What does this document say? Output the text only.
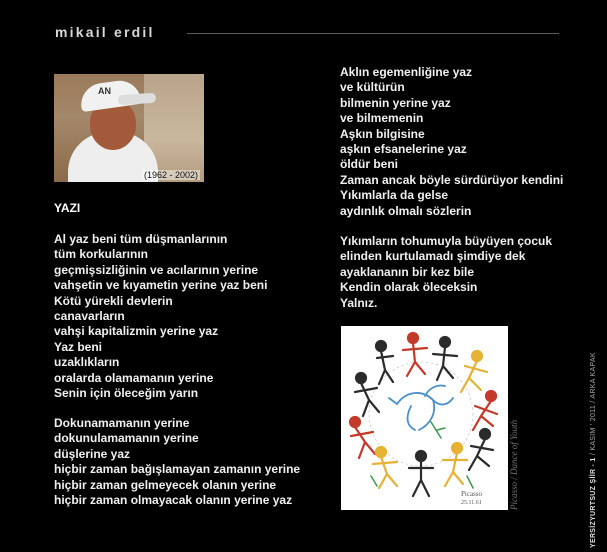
mikail erdil
AN
(1962 - 2002)
YAZI
Al yaz beni tüm düşmanlarının
tüm korkularının
geçmişsizliğinin ve acılarının yerine
vahşetin ve kıyametin yerine yaz beni
Kötü yürekli devlerin
canavarların
vahşi kapitalizmin yerine yaz
Yaz beni
uzaklıkların
oralarda olamamanın yerine
Senin için öleceğim yarın
Dokunamamanın yerine
dokunulamamanın yerine
düşlerine yaz
hiçbir zaman bağışlamayan zamanın yerine
hiçbir zaman gelmeyecek olanın yerine
hiçbir zaman olmayacak olanın yerine yaz
Aklın egemenliğine yaz
ve kültürün
bilmenin yerine yaz
ve bilmemenin
Aşkın bilgisine
aşkın efsanelerine yaz
öldür beni
Zaman ancak böyle sürdürüyor kendini
Yıkımlarla da gelse
aydınlık olmalı sözlerin
Yıkımların tohumuyla büyüyen çocuk
elinden kurtulamadı şimdiye dek
ayaklananın bir kez bile
Kendin olarak öleceksin
Yalnız.
Picasso
25.11.61	Picasso / Dance of Youth	YERSİZYURTSUZ ŞİİR - 1 / KASIM ' 2011 / ARKA KAPAK
